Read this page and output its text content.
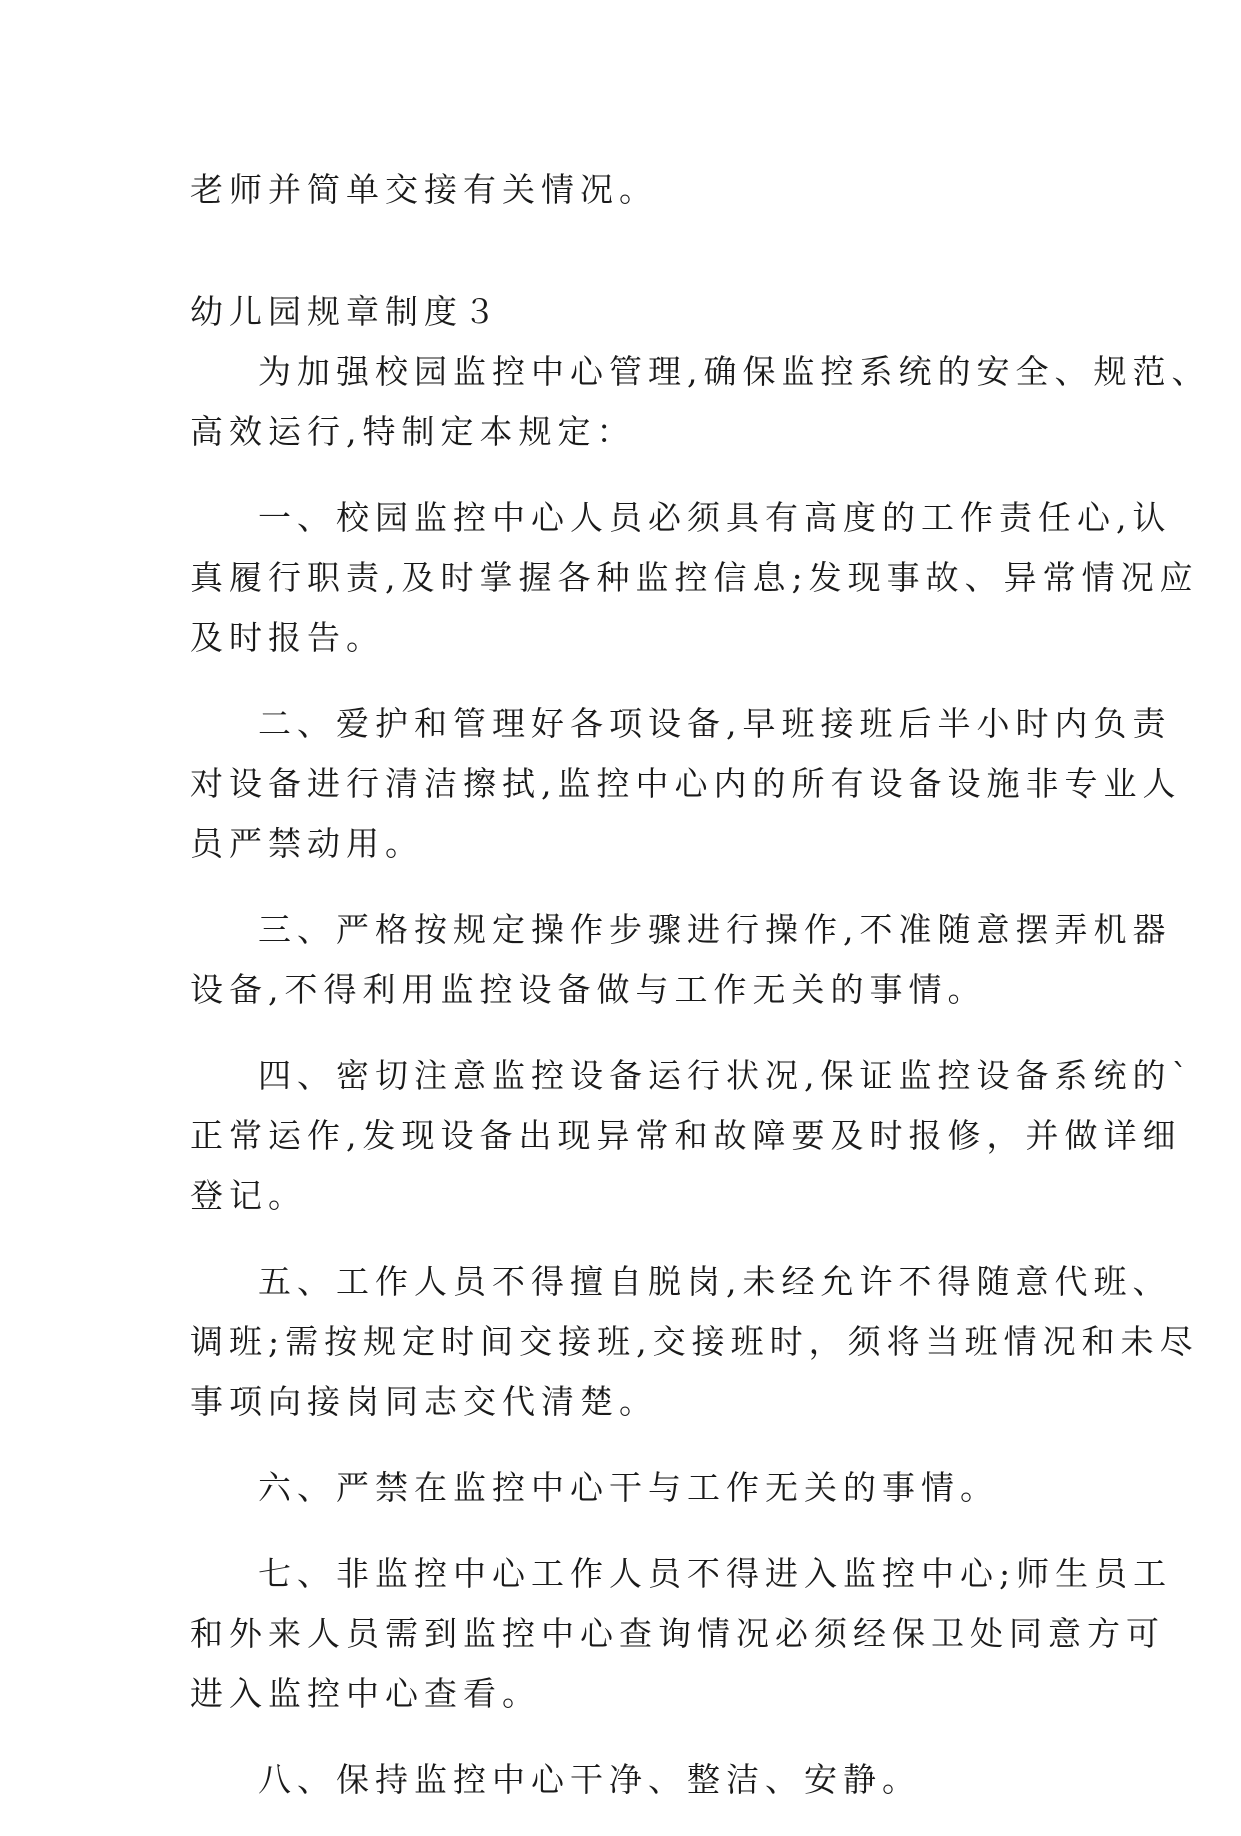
老师并简单交接有关情况。

幼儿园规章制度３

为加强校园监控中心管理,确保监控系统的安全、规范、

高效运行,特制定本规定：

一、校园监控中心人员必须具有高度的工作责任心,认

真履行职责,及时掌握各种监控信息;发现事故、异常情况应

及时报告。

二、爱护和管理好各项设备,早班接班后半小时内负责

对设备进行清洁擦拭,监控中心内的所有设备设施非专业人

员严禁动用。

三、严格按规定操作步骤进行操作,不准随意摆弄机器

设备,不得利用监控设备做与工作无关的事情。

四、密切注意监控设备运行状况,保证监控设备系统的`

正常运作,发现设备出现异常和故障要及时报修，并做详细

登记。

五、工作人员不得擅自脱岗,未经允许不得随意代班、

调班;需按规定时间交接班,交接班时，须将当班情况和未尽

事项向接岗同志交代清楚。

六、严禁在监控中心干与工作无关的事情。

七、非监控中心工作人员不得进入监控中心;师生员工

和外来人员需到监控中心查询情况必须经保卫处同意方可

进入监控中心查看。

八、保持监控中心干净、整洁、安静。
